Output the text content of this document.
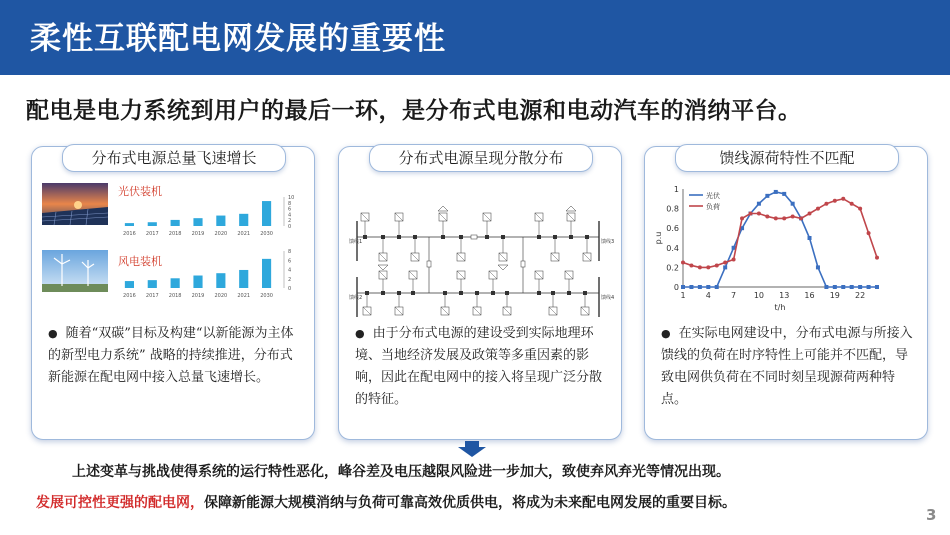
柔性互联配电网发展的重要性
配电是电力系统到用户的最后一环，是分布式电源和电动汽车的消纳平台。
分布式电源总量飞速增长
光伏装机
2016 2017 2018 2019 2020 2021 2030
10
8
6
4
2
0
风电装机
2016 2017 2018 2019 2020 2021 2030
8
6
4
2
0
● 随着“双碳”目标及构建“以新能源为主体的新型电力系统” 战略的持续推进，分布式新能源在配电网中接入总量飞速增长。
分布式电源呈现分散分布
馈线1
馈线2
馈线3
馈线4
● 由于分布式电源的建设受到实际地理环境、当地经济发展及政策等多重因素的影响，因此在配电网中的接入将呈现广泛分散的特征。
馈线源荷特性不匹配
0
0.2
0.4
0.6
0.8
1
1	4	7 10 13 16 19 22
t/h
p.u
光伏
负荷
● 在实际电网建设中，分布式电源与所接入馈线的负荷在时序特性上可能并不匹配，导致电网供负荷在不同时刻呈现源荷两种特点。
上述变革与挑战使得系统的运行特性恶化，峰谷差及电压越限风险进一步加大，致使弃风弃光等情况出现。
发展可控性更强的配电网，保障新能源大规模消纳与负荷可靠高效优质供电，将成为未来配电网发展的重要目标。
3
